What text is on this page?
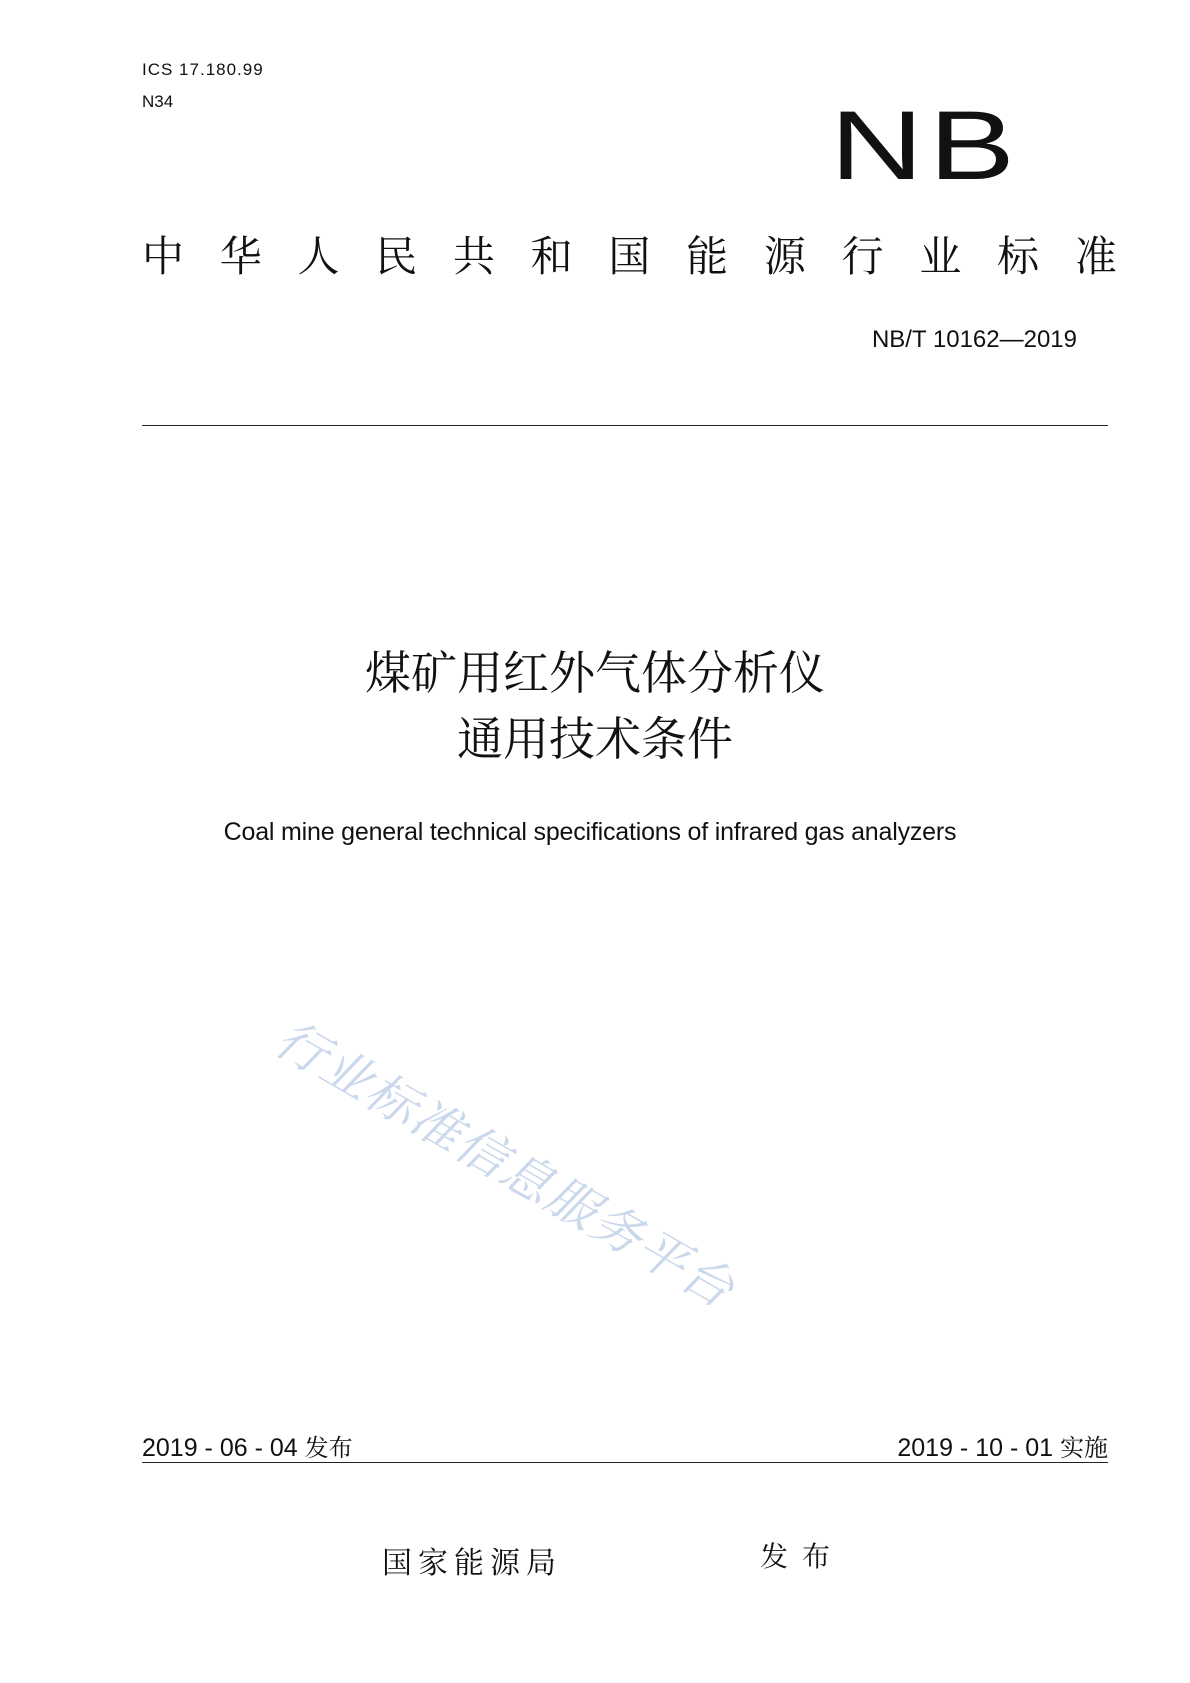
ICS 17.180.99
N34	NB
中 华 人 民 共 和 国 能 源 行 业 标 准
NB/T 10162—2019
煤矿用红外气体分析仪
通用技术条件
Coal mine general technical specifications of infrared gas analyzers
行业标准信息服务平台
2019 - 06 - 04 发布	2019 - 10 - 01 实施
国家能源局	发布
